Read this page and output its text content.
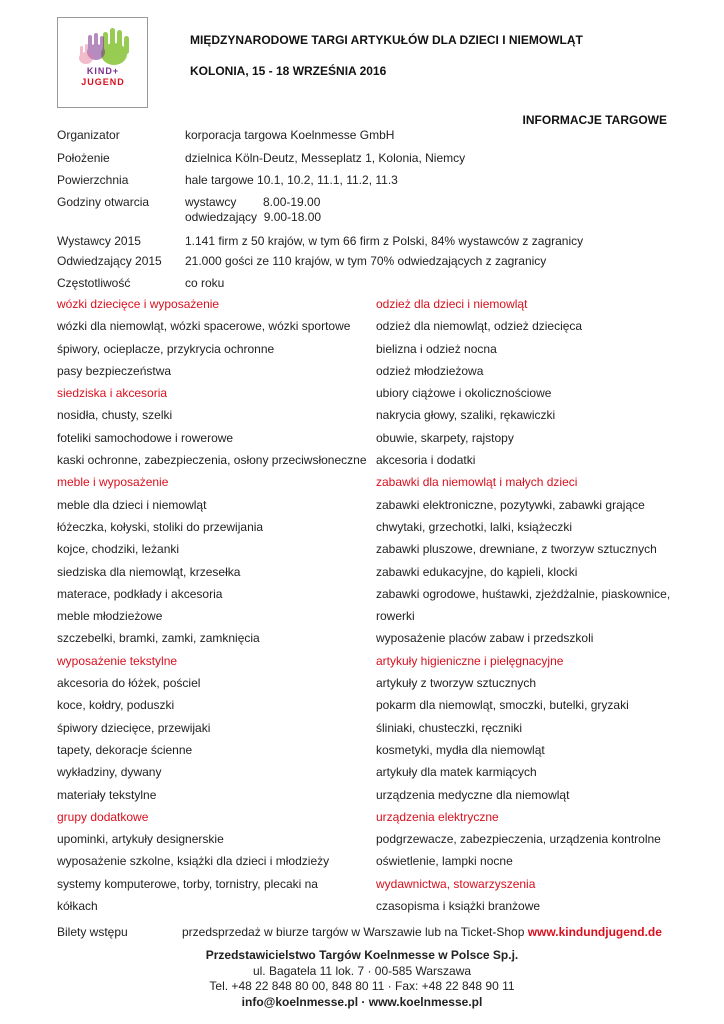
KIND+
JUGEND
MIĘDZYNARODOWE TARGI ARTYKUŁÓW DLA DZIECI I NIEMOWLĄT
KOLONIA, 15 - 18 WRZEŚNIA 2016
INFORMACJE TARGOWE
Organizator	korporacja targowa Koelnmesse GmbH
Położenie	dzielnica Köln-Deutz, Messeplatz 1, Kolonia, Niemcy
Powierzchnia	hale targowe 10.1, 10.2, 11.1, 11.2, 11.3
Godziny otwarcia	wystawcy        8.00-19.00
odwiedzający  9.00-18.00
Wystawcy 2015	1.141 firm z 50 krajów, w tym 66 firm z Polski, 84% wystawców z zagranicy
Odwiedzający 2015	21.000 gości ze 110 krajów, w tym 70% odwiedzających z zagranicy
Częstotliwość	co roku
wózki dziecięce i wyposażenie
wózki dla niemowląt, wózki spacerowe, wózki sportowe
śpiwory, ocieplacze, przykrycia ochronne
pasy bezpieczeństwa
siedziska i akcesoria
nosidła, chusty, szelki
foteliki samochodowe i rowerowe
kaski ochronne, zabezpieczenia, osłony przeciwsłoneczne
meble i wyposażenie
meble dla dzieci i niemowląt
łóżeczka, kołyski, stoliki do przewijania
kojce, chodziki, leżanki
siedziska dla niemowląt, krzesełka
materace, podkłady i akcesoria
meble młodzieżowe
szczebelki, bramki, zamki, zamknięcia
wyposażenie tekstylne
akcesoria do łóżek, pościel
koce, kołdry, poduszki
śpiwory dziecięce, przewijaki
tapety, dekoracje ścienne
wykładziny, dywany
materiały tekstylne
grupy dodatkowe
upominki, artykuły designerskie
wyposażenie szkolne, książki dla dzieci i młodzieży
systemy komputerowe, torby, tornistry, plecaki na
kółkach
odzież dla dzieci i niemowląt
odzież dla niemowląt, odzież dziecięca
bielizna i odzież nocna
odzież młodzieżowa
ubiory ciążowe i okolicznościowe
nakrycia głowy, szaliki, rękawiczki
obuwie, skarpety, rajstopy
akcesoria i dodatki
zabawki dla niemowląt i małych dzieci
zabawki elektroniczne, pozytywki, zabawki grające
chwytaki, grzechotki, lalki, książeczki
zabawki pluszowe, drewniane, z tworzyw sztucznych
zabawki edukacyjne, do kąpieli, klocki
zabawki ogrodowe, huśtawki, zjeżdżalnie, piaskownice,
rowerki
wyposażenie placów zabaw i przedszkoli
artykuły higieniczne i pielęgnacyjne
artykuły z tworzyw sztucznych
pokarm dla niemowląt, smoczki, butelki, gryzaki
śliniaki, chusteczki, ręczniki
kosmetyki, mydła dla niemowląt
artykuły dla matek karmiących
urządzenia medyczne dla niemowląt
urządzenia elektryczne
podgrzewacze, zabezpieczenia, urządzenia kontrolne
oświetlenie, lampki nocne
wydawnictwa, stowarzyszenia
czasopisma i książki branżowe
Bilety wstępu	przedsprzedaż w biurze targów w Warszawie lub na Ticket-Shop www.kindundjugend.de
Przedstawicielstwo Targów Koelnmesse w Polsce Sp.j.
ul. Bagatela 11 lok. 7 · 00-585 Warszawa
Tel. +48 22 848 80 00, 848 80 11 · Fax: +48 22 848 90 11
info@koelnmesse.pl · www.koelnmesse.pl
